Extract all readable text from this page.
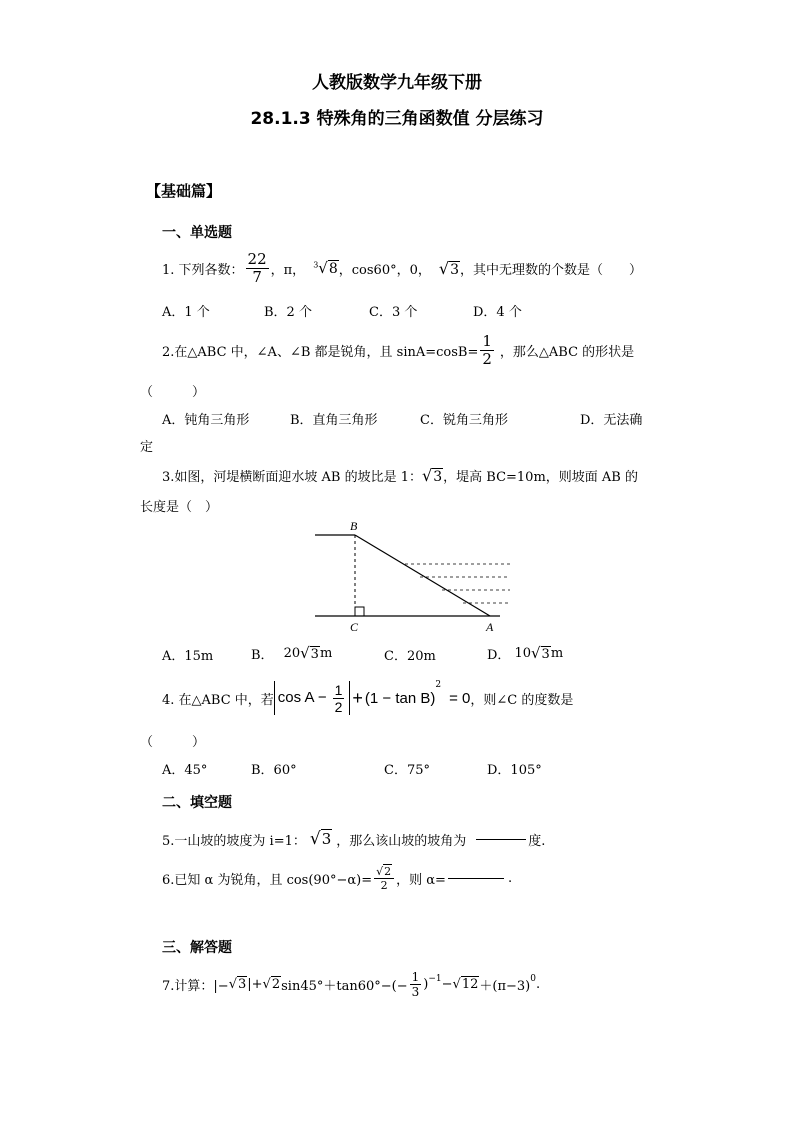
人教版数学九年级下册
28.1.3 特殊角的三角函数值 分层练习
【基础篇】
一、单选题
1. 下列各数： $\frac{22}{7}$ ，π， $^3$√8 ，cos60°，0， √3 ，其中无理数的个数是（　　）
A．1 个	B．2 个	C．3 个	D．4 个
2.在△ABC 中，∠A、∠B 都是锐角，且 $\sin A=\cos B= \frac{1}{2}$ ，那么△ABC 的形状是
（　　　）
A．钝角三角形	B．直角三角形	C．锐角三角形	D．无法确
定
3.如图，河堤横断面迎水坡 AB 的坡比是 1： √3 ，堤高 BC=10m，则坡面 AB 的
长度是（　）
B
C	A
A．15m	B． 20 √3 m	C．20m	D． 10 √3 m
4. 在△ABC 中，若 $\cos A - \frac{1}{2} + (1 - \tan B)$
$^2$
= 0 ，则∠C 的度数是
（　　　）
A．45°	B．60°	C．75°	D．105°
二、填空题
5.一山坡的坡度为 i=1： √3 ，那么该山坡的坡角为	度.
6.已知 α 为锐角，且 $\cos(90^\circ-\alpha)= \frac{√2}{2}$ ，则 α=	.
三、解答题
7.计算：|− √3 |+ √2 $\sin 45^\circ+\tan 60^\circ-(- \frac{1}{3} )^{-1} - √12 +(\pi-3)^0$ .
